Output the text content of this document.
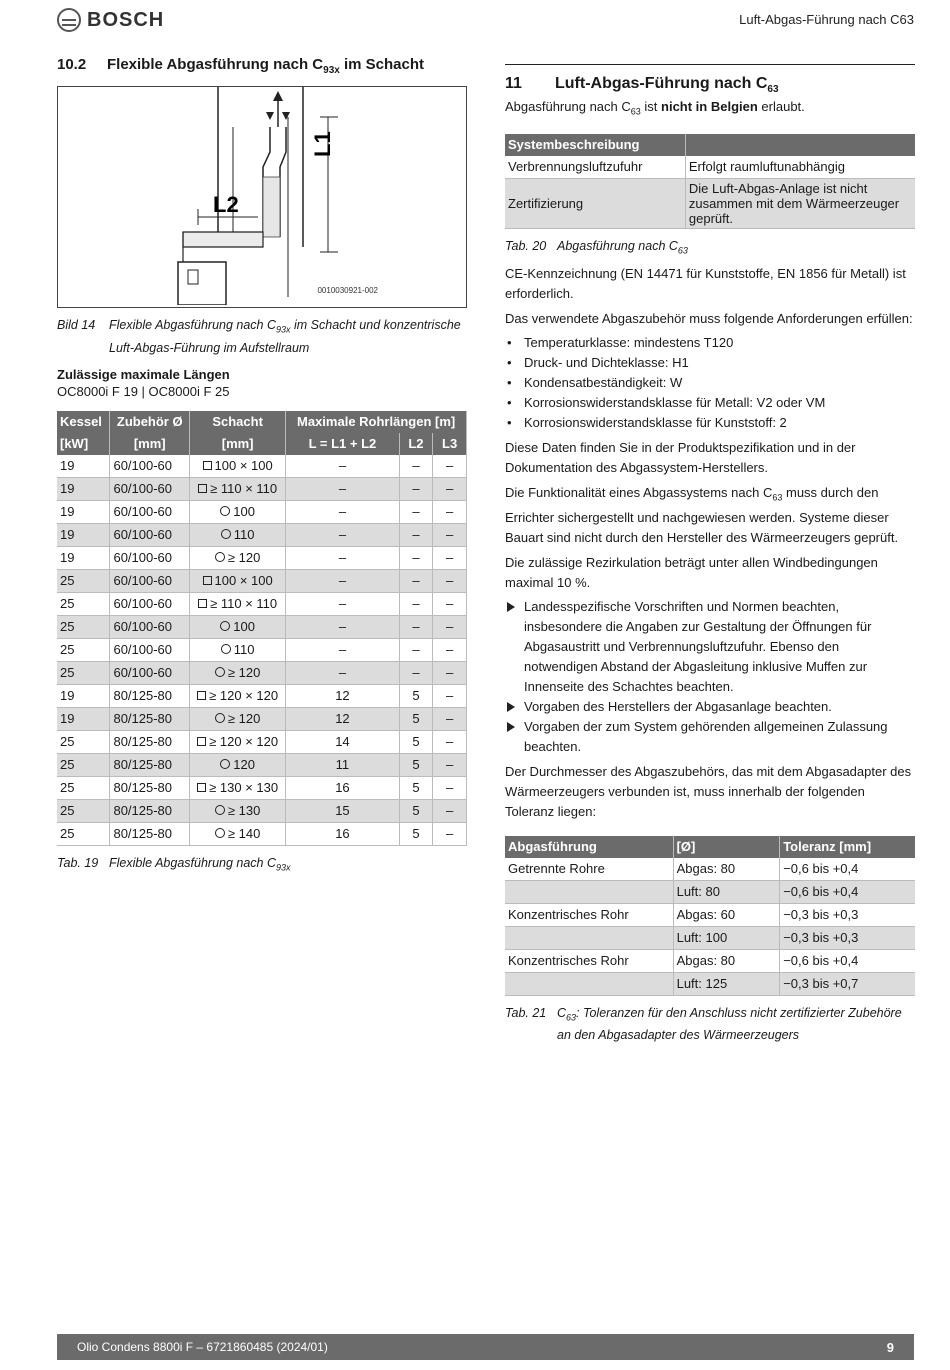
BOSCH	Luft-Abgas-Führung nach C63
10.2 Flexible Abgasführung nach $C_{93x}$ im Schacht
L1
L2
0010030921-002
Bild 14	Flexible Abgasführung nach $C_{93x}$ im Schacht und konzentrische Luft-Abgas-Führung im Aufstellraum
Zulässige maximale Längen
OC8000i F 19 | OC8000i F 25
Kessel	Zubehör Ø	Schacht	Maximale Rohrlängen [m]		
[kW]	[mm]	[mm]	L = L1 + L2	L2	L3
19	60/100-60	100 × 100	–	–	–
19	60/100-60	≥ 110 × 110	–	–	–
19	60/100-60	100	–	–	–
19	60/100-60	110	–	–	–
19	60/100-60	≥ 120	–	–	–
25	60/100-60	100 × 100	–	–	–
25	60/100-60	≥ 110 × 110	–	–	–
25	60/100-60	100	–	–	–
25	60/100-60	110	–	–	–
25	60/100-60	≥ 120	–	–	–
19	80/125-80	≥ 120 × 120	12	5	–
19	80/125-80	≥ 120	12	5	–
25	80/125-80	≥ 120 × 120	14	5	–
25	80/125-80	120	11	5	–
25	80/125-80	≥ 130 × 130	16	5	–
25	80/125-80	≥ 130	15	5	–
25	80/125-80	≥ 140	16	5	–
Tab. 19 Flexible Abgasführung nach $C_{93x}$
11 Luft-Abgas-Führung nach $C_{63}$
Abgasführung nach $C_{63}$ ist nicht in Belgien erlaubt.
Systembeschreibung	
Verbrennungsluftzufuhr	Erfolgt raumluftunabhängig
Zertifizierung	Die Luft-Abgas-Anlage ist nicht zusammen mit dem Wärmeerzeuger geprüft.
Tab. 20 Abgasführung nach $C_{63}$
CE-Kennzeichnung (EN 14471 für Kunststoffe, EN 1856 für Metall) ist erforderlich.
Das verwendete Abgaszubehör muss folgende Anforderungen erfüllen:
• Temperaturklasse: mindestens T120
• Druck- und Dichteklasse: H1
• Kondensatbeständigkeit: W
• Korrosionswiderstandsklasse für Metall: V2 oder VM
• Korrosionswiderstandsklasse für Kunststoff: 2
Diese Daten finden Sie in der Produktspezifikation und in der Dokumentation des Abgassystem-Herstellers.
Die Funktionalität eines Abgassystems nach $C_{63}$ muss durch den Errichter sichergestellt und nachgewiesen werden. Systeme dieser Bauart sind nicht durch den Hersteller des Wärmeerzeugers geprüft.
Die zulässige Rezirkulation beträgt unter allen Windbedingungen maximal 10 %.
Landesspezifische Vorschriften und Normen beachten, insbesondere die Angaben zur Gestaltung der Öffnungen für Abgasaustritt und Verbrennungsluftzufuhr. Ebenso den notwendigen Abstand der Abgasleitung inklusive Muffen zur Innenseite des Schachtes beachten.
Vorgaben des Herstellers der Abgasanlage beachten.
Vorgaben der zum System gehörenden allgemeinen Zulassung beachten.
Der Durchmesser des Abgaszubehörs, das mit dem Abgasadapter des Wärmeerzeugers verbunden ist, muss innerhalb der folgenden Toleranz liegen:
Abgasführung	[Ø]	Toleranz [mm]
Getrennte Rohre	Abgas: 80	−0,6 bis +0,4
	Luft: 80	−0,6 bis +0,4
Konzentrisches Rohr	Abgas: 60	−0,3 bis +0,3
	Luft: 100	−0,3 bis +0,3
Konzentrisches Rohr	Abgas: 80	−0,6 bis +0,4
	Luft: 125	−0,3 bis +0,7
Tab. 21 $C_{63}$: Toleranzen für den Anschluss nicht zertifizierter Zubehöre an den Abgasadapter des Wärmeerzeugers
Olio Condens 8800i F – 6721860485 (2024/01)	9
